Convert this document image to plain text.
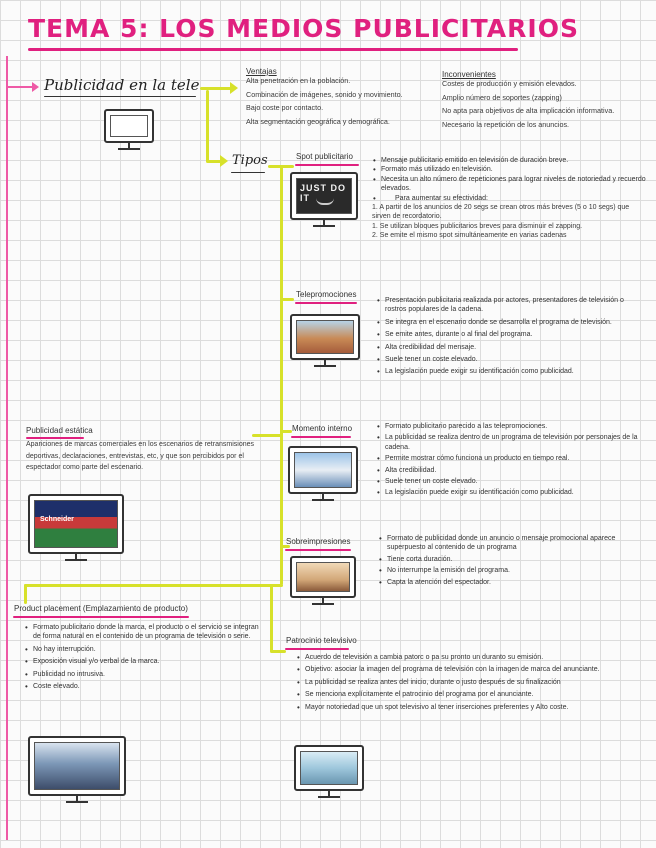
TEMA 5: LOS MEDIOS PUBLICITARIOS
Publicidad en la tele
Tipos
Ventajas

Alta penetración en la población.

Combinación de imágenes, sonido y movimiento.

Bajo coste por contacto.

Alta segmentación geográfica y demográfica.

Inconvenientes

Costes de producción y emisión elevados.

Amplio número de soportes (zapping)

No apta para objetivos de alta implicación informativa.

Necesario la repetición de los anuncios.

Spot publicitario
JUST DO IT
• Mensaje publicitario emitido en televisión de duración breve.
• Formato más utilizado en televisión.
• Necesita un alto número de repeticiones para lograr niveles de notoriedad y recuerdo elevados.
• Para aumentar su efectividad:

1. A partir de los anuncios de 20 segs se crean otros más breves (5 o 10 segs) que sirven de recordatorio.

1. Se utilizan bloques publicitarios breves para disminuir el zapping.

2. Se emite el mismo spot simultáneamente en varias cadenas

Telepromociones
• Presentación publicitaria realizada por actores, presentadores de televisión o rostros populares de la cadena.
• Se integra en el escenario donde se desarrolla el programa de televisión.
• Se emite antes, durante o al final del programa.
• Alta credibilidad del mensaje.
• Suele tener un coste elevado.
• La legislación puede exigir su identificación como publicidad.
Momento interno	• Formato publicitario parecido a las telepromociones.
• La publicidad se realiza dentro de un programa de televisión por personajes de la cadena.
• Permite mostrar cómo funciona un producto en tiempo real.
• Alta credibilidad.
• Suele tener un coste elevado.
• La legislación puede exigir su identificación como publicidad.
Sobreimpresiones	• Formato de publicidad donde un anuncio o mensaje promocional aparece superpuesto al contenido de un programa
• Tiene corta duración.
• No interrumpe la emisión del programa.
• Capta la atención del espectador.
Publicidad estática
Apariciones de marcas comerciales en los escenarios de retransmisiones deportivas, declaraciones, entrevistas, etc, y que son percibidos por el espectador como parte del escenario.
Schneider
Product placement (Emplazamiento de producto)
• Formato publicitario donde la marca, el producto o el servicio se integran de forma natural en el contenido de un programa de televisión o serie.
• No hay interrupción.
• Exposición visual y/o verbal de la marca.
• Publicidad no intrusiva.
• Coste elevado.
Patrocinio televisivo
• Acuerdo de televisión a cambia patorc o pa su pronto un duranto su emisión.
• Objetivo: asociar la imagen del programa de televisión con la imagen de marca del anunciante.
• La publicidad se realiza antes del inicio, durante o justo después de su finalización
• Se menciona explícitamente el patrocinio del programa por el anunciante.
• Mayor notoriedad que un spot televisivo al tener inserciones preferentes y Alto coste.
